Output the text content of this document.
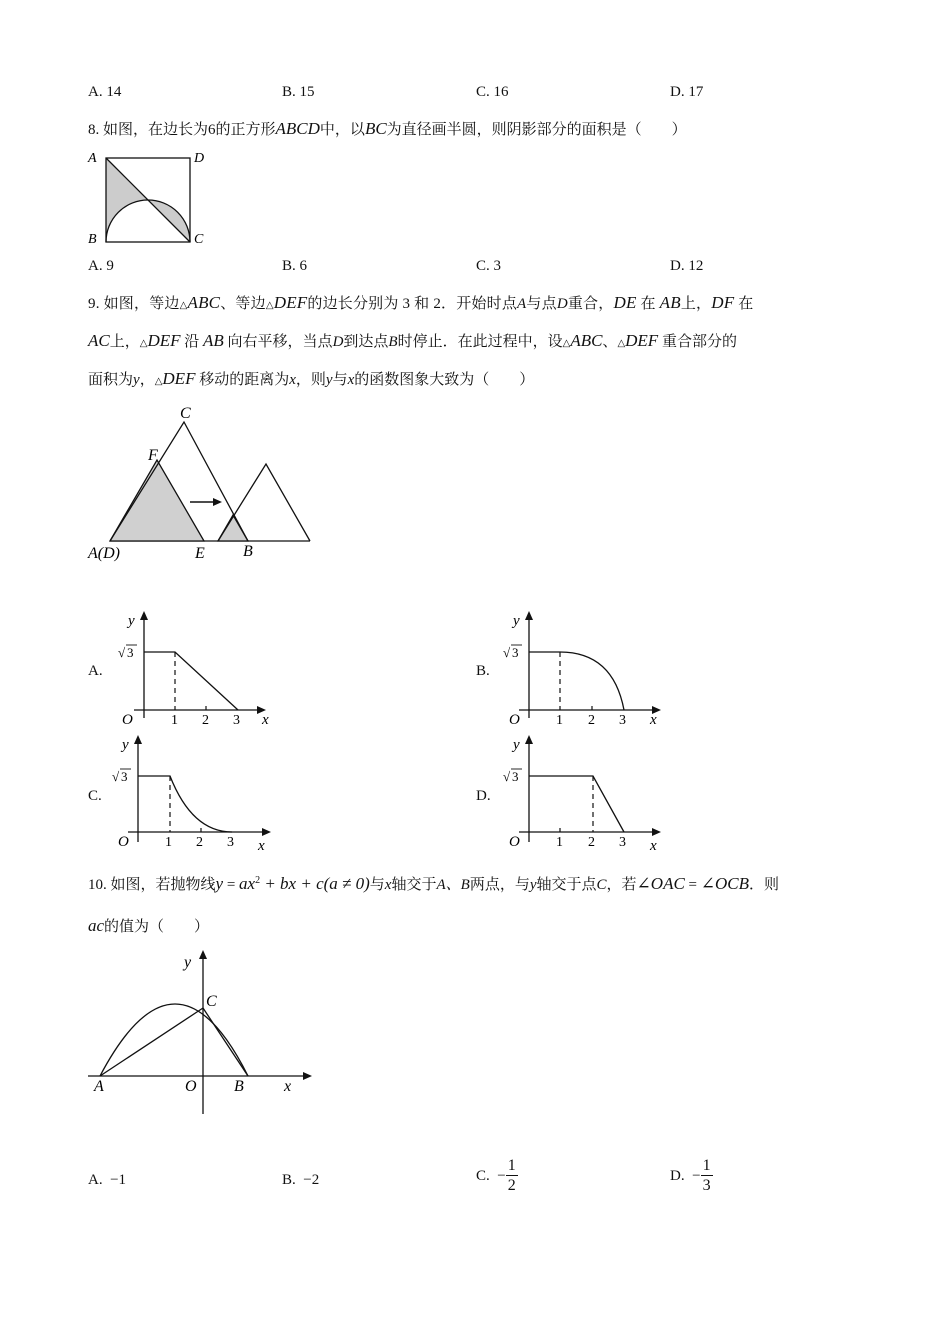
A. 14	B. 15	C. 16	D. 17
8. 如图，在边长为6的正方形ABCD中，以BC为直径画半圆，则阴影部分的面积是（　　）
A	D
B	C
A. 9	B. 6	C. 3	D. 12
9. 如图，等边△ABC、等边△DEF的边长分别为 3 和 2．开始时点A与点D重合，DE 在 AB上，DF 在
AC上，△DEF 沿 AB 向右平移，当点D到达点B时停止．在此过程中，设△ABC、△DEF 重合部分的
面积为y，△DEF 移动的距离为x，则y与x的函数图象大致为（　　）
C
F
A(D)	E B
A.
y
√ 3
O	1 2 3 x
B.
y
√ 3
O	1 2 3 x
C.
y
√ 3
O	1 2 3 x
D.
y
√ 3
O	1 2 3 x
10. 如图，若抛物线$y = ax^2$ + bx + c(a ≠ 0)与x轴交于A、B两点，与y轴交于点C，若∠OAC = ∠OCB．则
ac的值为（　　）
y
C
A	O B	x
A. −1	B. −2	C. − $\frac{1}{2}$	D. − $\frac{1}{3}$
